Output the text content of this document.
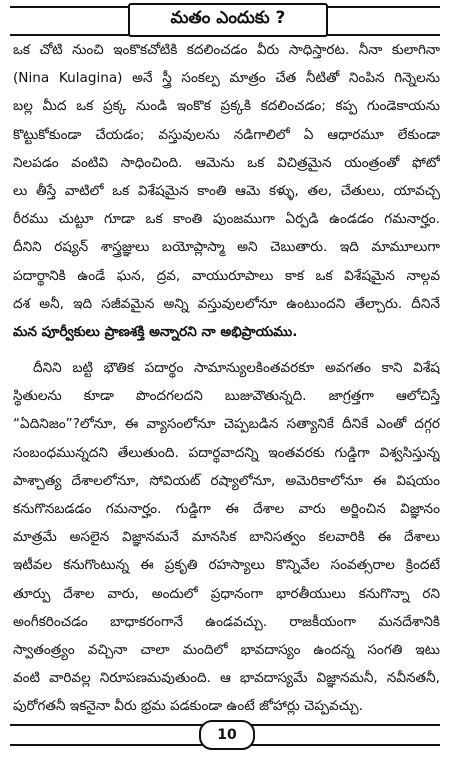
మతం ఎందుకు ?
ఒక చోటి నుంచి ఇంకొకచోటికి కదలించడం వీరు సాధిస్తారట. నీనా కులాగినా
(Nina Kulagina) అనే స్త్రీ సంకల్ప మాత్రం చేత నీటితో నింపిన గిన్నెలను
బల్ల మీద ఒక ప్రక్క నుండి ఇంకొక ప్రక్కకి కదలించడం; కప్ప గుండెకాయను
కొట్టుకోకుండా చేయడం; వస్తువులను నడిగాలిలో ఏ ఆధారమూ లేకుండా
నిలపడం వంటివి సాధించింది. ఆమెను ఒక విచిత్రమైన యంత్రంతో ఫోటో
లు తీస్తే వాటిలో ఒక విశేషమైన కాంతి ఆమె కళ్ళు, తల, చేతులు, యావచ్చ
రీరము చుట్టూ గూడా ఒక కాంతి పుంజముగా ఏర్పడి ఉండడం గమనార్హం.
దీనిని రష్యన్ శాస్త్రజ్ఞులు బయోప్లాస్మా అని చెబుతారు. ఇది మామూలుగా
పదార్థానికి ఉండే ఘన, ద్రవ, వాయురూపాలు కాక ఒక విశేషమైన నాల్గవ
దశ అనీ, ఇది సజీవమైన అన్ని వస్తువులలోనూ ఉంటుందని తేల్చారు. దీనినే
మన పూర్వీకులు ప్రాణశక్తి అన్నారని నా అభిప్రాయము.
దీనిని బట్టి భౌతిక పదార్థం సామాన్యులకింతవరకూ అవగతం కాని విశేష
స్థితులను కూడా పొందగలదని బుజువౌతున్నది. జాగ్రత్తగా ఆలోచిస్తే
“ఏదినిజం”?లోనూ, ఈ వ్యాసంలోనూ చెప్పబడిన సత్యానికే దీనికే ఎంతో దగ్గర
సంబంధమున్నదని తేలుతుంది. పదార్థవాదన్ని ఇంతవరకు గుడ్డిగా విశ్వసిస్తున్న
పాశ్చాత్య దేశాలలోనూ, సోవియట్ రష్యాలోనూ, అమెరికాలోనూ ఈ విషయం
కనుగొనబడడం గమనార్హం. గుడ్డిగా ఈ దేశాల వారు అర్జించిన విజ్ఞానం
మాత్రమే అసలైన విజ్ఞానమనే మానసిక బానిసత్వం కలవారికి ఈ దేశాలు
ఇటీవల కనుగొంటున్న ఈ ప్రకృతి రహస్యాలు కొన్నివేల సంవత్సరాల క్రిందటే
తూర్పు దేశాల వారు, అందులో ప్రధానంగా భారతీయులు కనుగొన్నా రని
అంగీకరించడం బాధాకరంగానే ఉండవచ్చు. రాజకీయంగా మనదేశానికి
స్వాతంత్ర్యం వచ్చినా చాలా మందిలో భావదాస్యం ఉందన్న సంగతి ఇటు
వంటి వారివల్ల నిరూపణమవుతుంది. ఆ భావదాస్యమే విజ్ఞానమనీ, నవీనతనీ,
పురోగతనీ ఇకనైనా వీరు భ్రమ పడకుండా ఉంటే జోహార్లు చెప్పవచ్చు.
10
